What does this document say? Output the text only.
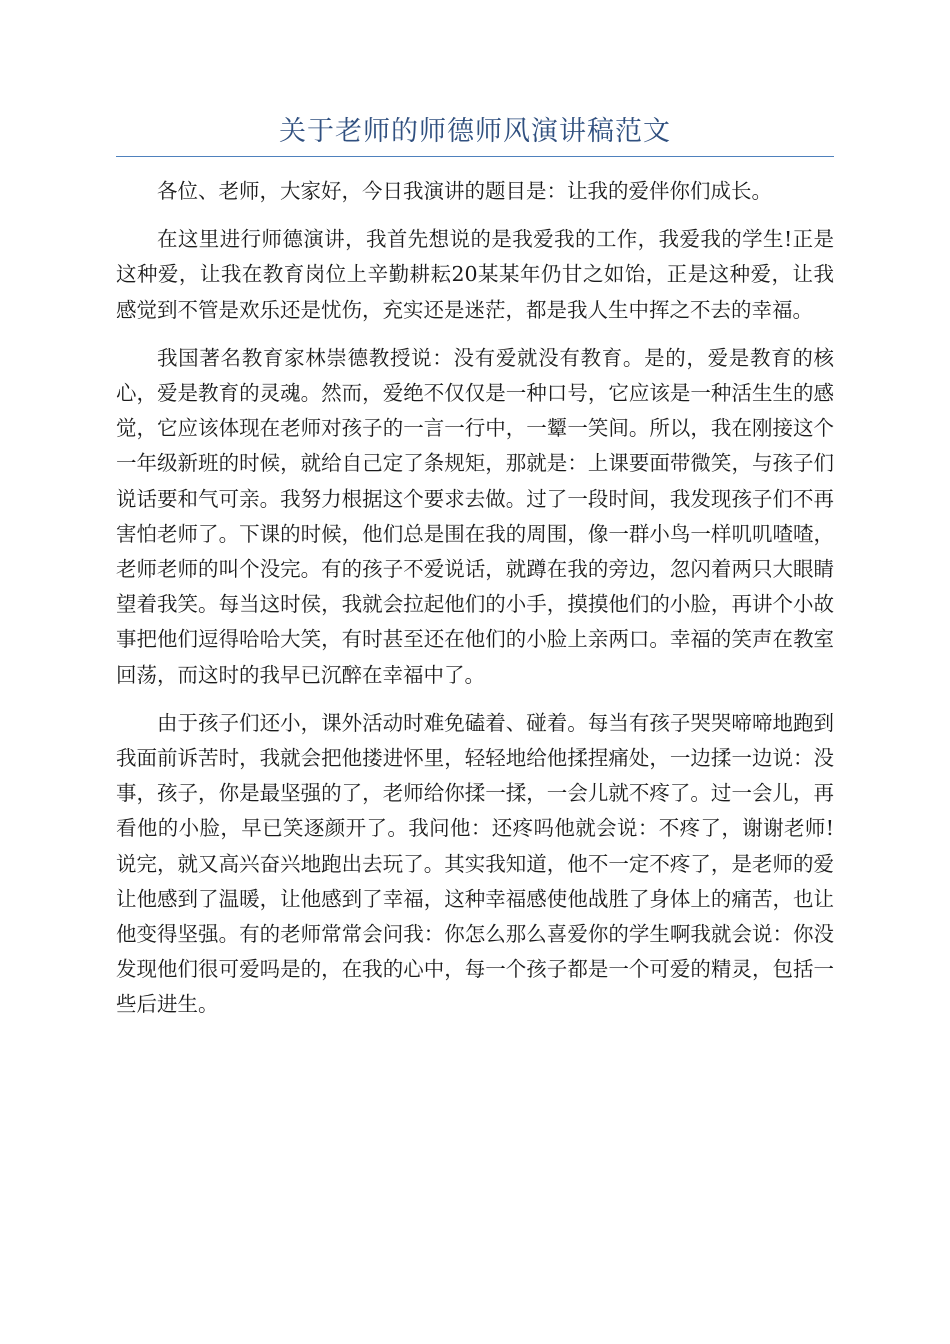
关于老师的师德师风演讲稿范文

各位、老师，大家好，今日我演讲的题目是：让我的爱伴你们成长。

在这里进行师德演讲，我首先想说的是我爱我的工作，我爱我的学生!正是这种爱，让我在教育岗位上辛勤耕耘20某某年仍甘之如饴，正是这种爱，让我感觉到不管是欢乐还是忧伤，充实还是迷茫，都是我人生中挥之不去的幸福。

我国著名教育家林崇德教授说：没有爱就没有教育。是的，爱是教育的核心，爱是教育的灵魂。然而，爱绝不仅仅是一种口号，它应该是一种活生生的感觉，它应该体现在老师对孩子的一言一行中，一颦一笑间。所以，我在刚接这个一年级新班的时候，就给自己定了条规矩，那就是：上课要面带微笑，与孩子们说话要和气可亲。我努力根据这个要求去做。过了一段时间，我发现孩子们不再害怕老师了。下课的时候，他们总是围在我的周围，像一群小鸟一样叽叽喳喳，老师老师的叫个没完。有的孩子不爱说话，就蹲在我的旁边，忽闪着两只大眼睛望着我笑。每当这时侯，我就会拉起他们的小手，摸摸他们的小脸，再讲个小故事把他们逗得哈哈大笑，有时甚至还在他们的小脸上亲两口。幸福的笑声在教室回荡，而这时的我早已沉醉在幸福中了。

由于孩子们还小，课外活动时难免磕着、碰着。每当有孩子哭哭啼啼地跑到我面前诉苦时，我就会把他搂进怀里，轻轻地给他揉捏痛处，一边揉一边说：没事，孩子，你是最坚强的了，老师给你揉一揉，一会儿就不疼了。过一会儿，再看他的小脸，早已笑逐颜开了。我问他：还疼吗他就会说：不疼了，谢谢老师!说完，就又高兴奋兴地跑出去玩了。其实我知道，他不一定不疼了，是老师的爱让他感到了温暖，让他感到了幸福，这种幸福感使他战胜了身体上的痛苦，也让他变得坚强。有的老师常常会问我：你怎么那么喜爱你的学生啊我就会说：你没发现他们很可爱吗是的，在我的心中，每一个孩子都是一个可爱的精灵，包括一些后进生。
